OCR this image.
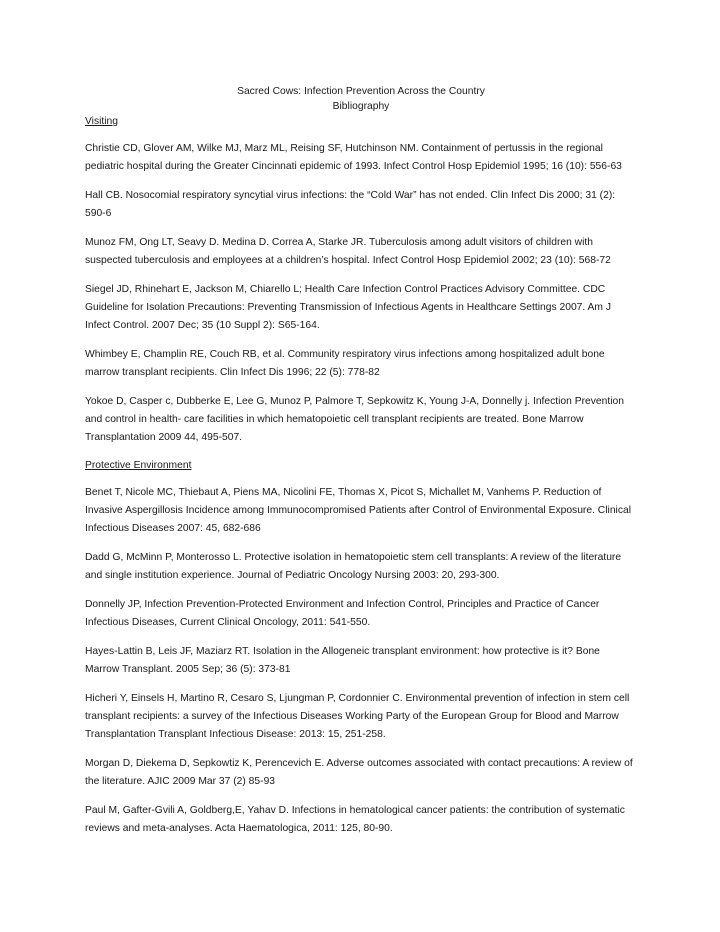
Sacred Cows: Infection Prevention Across the Country
Bibliography
Visiting

Christie CD, Glover AM, Wilke MJ, Marz ML, Reising SF, Hutchinson NM. Containment of pertussis in the regional pediatric hospital during the Greater Cincinnati epidemic of 1993. Infect Control Hosp Epidemiol 1995; 16 (10): 556-63

Hall CB. Nosocomial respiratory syncytial virus infections: the “Cold War” has not ended. Clin Infect Dis 2000; 31 (2): 590-6

Munoz FM, Ong LT, Seavy D. Medina D. Correa A, Starke JR. Tuberculosis among adult visitors of children with suspected tuberculosis and employees at a children’s hospital. Infect Control Hosp Epidemiol 2002; 23 (10): 568-72

Siegel JD, Rhinehart E, Jackson M, Chiarello L; Health Care Infection Control Practices Advisory Committee. CDC Guideline for Isolation Precautions: Preventing Transmission of Infectious Agents in Healthcare Settings 2007. Am J Infect Control. 2007 Dec; 35 (10 Suppl 2): S65-164.

Whimbey E, Champlin RE, Couch RB, et al. Community respiratory virus infections among hospitalized adult bone marrow transplant recipients. Clin Infect Dis 1996; 22 (5): 778-82

Yokoe D, Casper c, Dubberke E, Lee G, Munoz P, Palmore T, Sepkowitz K, Young J-A, Donnelly j. Infection Prevention and control in health- care facilities in which hematopoietic cell transplant recipients are treated. Bone Marrow Transplantation 2009 44, 495-507.

Protective Environment

Benet T, Nicole MC, Thiebaut A, Piens MA, Nicolini FE, Thomas X, Picot S, Michallet M, Vanhems P. Reduction of Invasive Aspergillosis Incidence among Immunocompromised Patients after Control of Environmental Exposure. Clinical Infectious Diseases 2007: 45, 682-686

Dadd G, McMinn P, Monterosso L. Protective isolation in hematopoietic stem cell transplants: A review of the literature and single institution experience. Journal of Pediatric Oncology Nursing 2003: 20, 293-300.

Donnelly JP, Infection Prevention-Protected Environment and Infection Control, Principles and Practice of Cancer Infectious Diseases, Current Clinical Oncology, 2011: 541-550.

Hayes-Lattin B, Leis JF, Maziarz RT. Isolation in the Allogeneic transplant environment: how protective is it? Bone Marrow Transplant. 2005 Sep; 36 (5): 373-81

Hicheri Y, Einsels H, Martino R, Cesaro S, Ljungman P, Cordonnier C. Environmental prevention of infection in stem cell transplant recipients: a survey of the Infectious Diseases Working Party of the European Group for Blood and Marrow Transplantation Transplant Infectious Disease: 2013: 15, 251-258.

Morgan D, Diekema D, Sepkowtiz K, Perencevich E. Adverse outcomes associated with contact precautions: A review of the literature. AJIC 2009 Mar 37 (2) 85-93

Paul M, Gafter-Gvili A, Goldberg,E, Yahav D. Infections in hematological cancer patients: the contribution of systematic reviews and meta-analyses. Acta Haematologica, 2011: 125, 80-90.
